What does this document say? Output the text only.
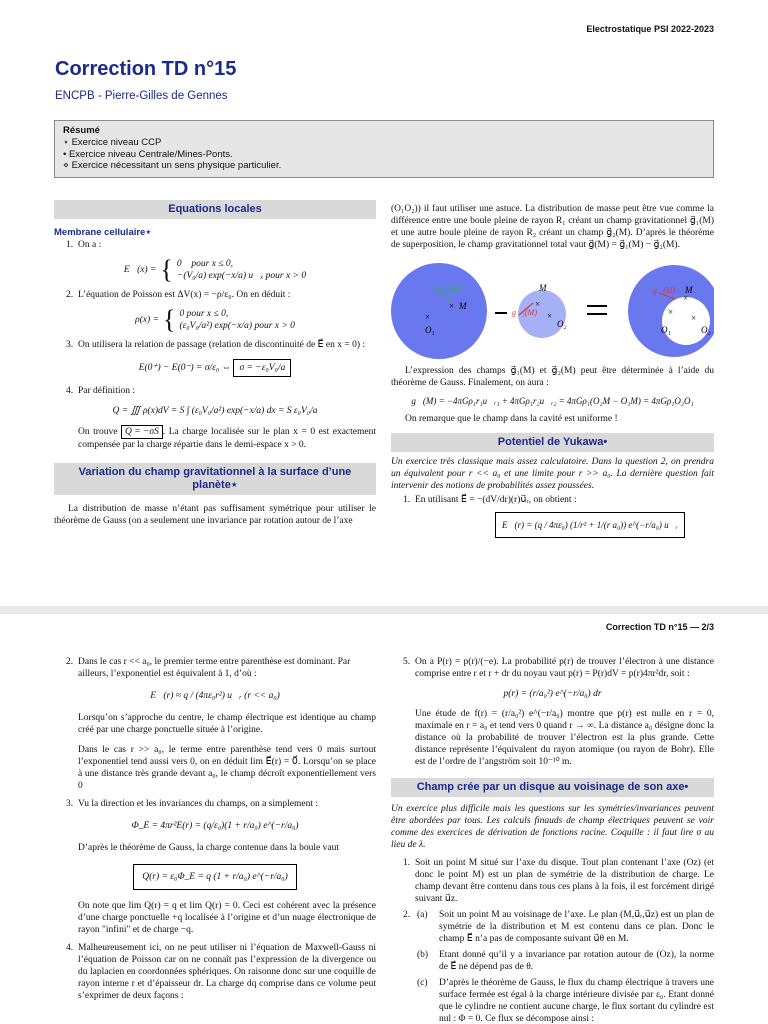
Electrostatique PSI 2022-2023
Correction TD n°15
ENCPB - Pierre-Gilles de Gennes
Résumé
⋆ Exercice niveau CCP
• Exercice niveau Centrale/Mines-Ponts.
⋄ Exercice nécessitant un sens physique particulier.
Equations locales
Membrane cellulaire⋆
1. On a :
E⃗(x) = { 0⃗ pour x ≤ 0,
−(V₀/a) exp(−x/a) u⃗ₓ pour x > 0
2. L’équation de Poisson est ΔV(x) = −ρ/ε₀. On en déduit :
ρ(x) = { 0 pour x ≤ 0,
(ε₀V₀/a²) exp(−x/a) pour x > 0
3. On utilisera la relation de passage (relation de discontinuité de E⃗ en x = 0) :
E(0⁺) − E(0⁻) = σ/ε₀ ⇔ σ = −ε₀V₀/a
4. Par définition :
Q = ∭ ρ(x)dV = S ∫ (ε₀V₀/a²) exp(−x/a) dx = S ε₀V₀/a
On trouve Q = −σS . La charge localisée sur le plan x = 0 est exactement compensée par la charge répartie dans le demi-espace x > 0.
Variation du champ gravitationnel à la surface d’une planète⋆

La distribution de masse n’étant pas suffisament symétrique pour utiliser le théorème de Gauss (on a seulement une invariance par rotation autour de l’axe

(O₁O₂)) il faut utiliser une astuce. La distribution de masse peut être vue comme la différence entre une boule pleine de rayon R₁ créant un champ gravitationnel g⃗₁(M) et une autre boule pleine de rayon R₂ créant un champ g⃗₂(M). D’après le théorème de superposition, le champ gravitationnel total vaut g⃗(M) = g⃗₁(M) − g⃗₂(M).

×
×	×
×	×
×
×
g⃗₁(M)
g⃗₂(M)
g⃗(M)
M
M	M
O₁
O₂
O₁	O₂

L’expression des champs g⃗₁(M) et g⃗₂(M) peut être déterminée à l’aide du théorème de Gauss. Finalement, on aura :

g⃗(M) = −4πGρ₁r₁u⃗ᵣ₁ + 4πGρ₁r₂u⃗ᵣ₂ = 4πGρ₁(O₂M − O₁M) = 4πGρ₁O₂O₁

On remarque que le champ dans la cavité est uniforme !

Potentiel de Yukawa•
Un exercice très classique mais assez calculatoire. Dans la question 2, on prendra un équivalent pour r << a₀ et une limite pour r >> a₀. La dernière question fait intervenir des notions de probabilités assez poussées.
1. En utilisant E⃗ = −(dV/dr)(r)u⃗ᵣ, on obtient :
E⃗(r) = (q / 4πε₀) (1/r² + 1/(r a₀)) e^(−r/a₀) u⃗ᵣ
Correction TD n°15 — 2/3
2. Dans le cas r << a₀, le premier terme entre parenthèse est dominant. Par ailleurs, l’exponentiel est équivalent à 1, d’où :
E⃗(r) ≈ q / (4πε₀r²) u⃗ᵣ (r << a₀)
Lorsqu’on s’approche du centre, le champ électrique est identique au champ créé par une charge ponctuelle située à l’origine.
Dans le cas r >> a₀, le terme entre parenthèse tend vers 0 mais surtout l’exponentiel tend aussi vers 0, on en déduit lim E⃗(r) = 0⃗. Lorsqu’on se place à une distance très grande devant a₀, le champ décroît exponentiellement vers 0
3. Vu la direction et les invariances du champs, on a simplement :
Φ_E = 4πr²E(r) = (q/ε₀)(1 + r/a₀) e^(−r/a₀)
D’après le théorème de Gauss, la charge contenue dans la boule vaut
Q(r) = ε₀Φ_E = q (1 + r/a₀) e^(−r/a₀)
On note que lim Q(r) = q et lim Q(r) = 0. Ceci est cohérent avec la présence d’une charge ponctuelle +q localisée à l’origine et d’un nuage électronique de rayon "infini" et de charge −q.
4. Malheureusement ici, on ne peut utiliser ni l’équation de Maxwell-Gauss ni l’équation de Poisson car on ne connaît pas l’expression de la divergence ou du laplacien en coordonnées sphériques. On raisonne donc sur une coquille de rayon interne r et d’épaisseur dr. La charge dq comprise dans ce volume peut s’exprimer de deux façons :
5. On a P(r) = p(r)/(−e). La probabilité p(r) de trouver l’électron à une distance comprise entre r et r + dr du noyau vaut p(r) = P(r)dV = p(r)4πr²dr, soit :
p(r) = (r/a₀²) e^(−r/a₀) dr
Une étude de f(r) = (r/a₀²) e^(−r/a₀) montre que p(r) est nulle en r = 0, maximale en r = a₀ et tend vers 0 quand r → ∞. La distance a₀ désigne donc la distance où la probabilité de trouver l’électron est la plus grande. Cette distance représente l’équivalent du rayon atomique (ou rayon de Bohr). Elle est de l’ordre de l’angström soit 10⁻¹⁰ m.
Champ crée par un disque au voisinage de son axe•
Un exercice plus difficile mais les questions sur les symétries/invariances peuvent être abordées par tous. Les calculs finauds de champ électriques peuvent se voir comme des exercices de dérivation de fonctions racine. Coquille : il faut lire σ au lieu de λ.
1. Soit un point M situé sur l’axe du disque. Tout plan contenant l’axe (Oz) (et donc le point M) est un plan de symétrie de la distribution de charge. Le champ devant être contenu dans tous ces plans à la fois, il est forcément dirigé suivant u⃗z.
2. (a) Soit un point M au voisinage de l’axe. Le plan (M,u⃗ᵣ,u⃗z) est un plan de symétrie de la distribution et M est contenu dans ce plan. Donc le champ E⃗ n’a pas de composante suivant u⃗θ en M.
(b) Etant donné qu’il y a invariance par rotation autour de (Oz), la norme de E⃗ ne dépend pas de θ.
(c) D’après le théorème de Gauss, le flux du champ électrique à travers une surface fermée est égal à la charge intérieure divisée par ε₀. Etant donné que le cylindre ne contient aucune charge, le flux sortant du cylindre est nul : Φ = 0. Ce flux se décompose ainsi :
